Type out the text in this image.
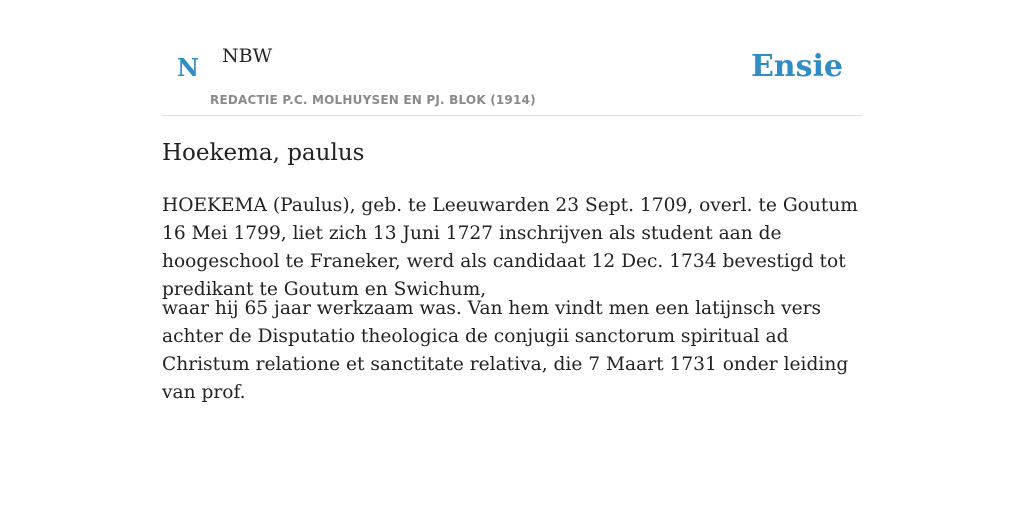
N NBW
REDACTIE P.C. MOLHUYSEN EN PJ. BLOK (1914)
Ensie
Hoekema, paulus

HOEKEMA (Paulus), geb. te Leeuwarden 23 Sept. 1709, overl. te Goutum 16 Mei 1799, liet zich 13 Juni 1727 inschrijven als student aan de hoogeschool te Franeker, werd als candidaat 12 Dec. 1734 bevestigd tot predikant te Goutum en Swichum,

waar hij 65 jaar werkzaam was. Van hem vindt men een latijnsch vers achter de Disputatio theologica de conjugii sanctorum spiritual ad Christum relatione et sanctitate relativa, die 7 Maart 1731 onder leiding van prof.
